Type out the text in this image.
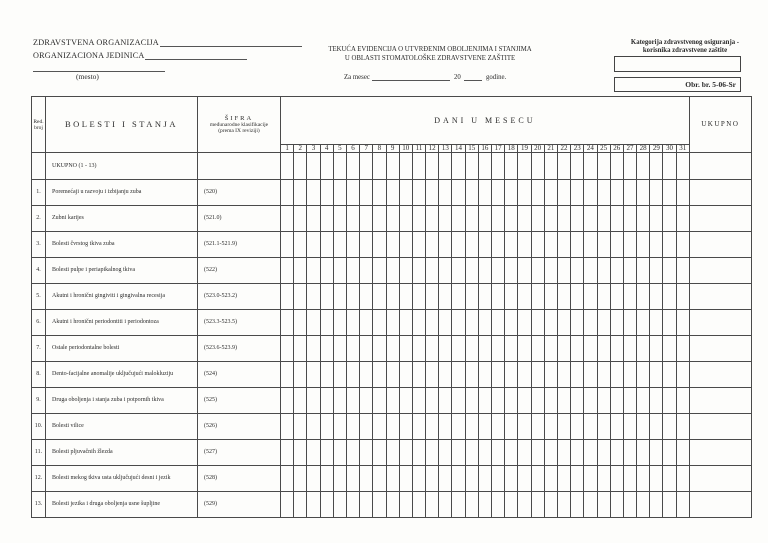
ZDRAVSTVENA ORGANIZACIJA
ORGANIZACIONA JEDINICA
(mesto)
TEKUĆA EVIDENCIJA O UTVRĐENIM OBOLJENJIMA I STANJIMA
U OBLASTI STOMATOLOŠKE ZDRAVSTVENE ZAŠTITE
Za mesec	20	godine.
Kategorija zdravstvenog osiguranja -
korisnika zdravstvene zaštite
Obr. br. 5-06-Sr
Red. broj	BOLESTI I STANJA	ŠIFRA
međunarodne klasifikacije
(prema IX reviziji)	DANI U MESECU																															UKUPNO
			1	2	3	4	5	6	7	8	9	10	11	12	13	14	15	16	17	18	19	20	21	22	23	24	25	26	27	28	29	30	31	
	UKUPNO (1 - 13)																																	
1.	Poremećaji u razvoju i izbijanju zuba	(520)																																
2.	Zubni karijes	(521.0)																																
3.	Bolesti čvrstog tkiva zuba	(521.1-521.9)																																
4.	Bolesti pulpe i periapikalnog tkiva	(522)																																
5.	Akutni i hronični gingiviti i gingivalna recesija	(523.0-523.2)																																
6.	Akutni i hronični periodontiti i periodontoza	(523.3-523.5)																																
7.	Ostale periodontalne bolesti	(523.6-523.9)																																
8.	Dento-facijalne anomalije uključujući malokluziju	(524)																																
9.	Druga oboljenja i stanja zuba i potpornih tkiva	(525)																																
10.	Bolesti vilice	(526)																																
11.	Bolesti pljuvačnih žlezda	(527)																																
12.	Bolesti mekog tkiva usta uključujući desni i jezik	(528)																																
13.	Bolesti jezika i druga oboljenja usne šupljine	(529)																																
